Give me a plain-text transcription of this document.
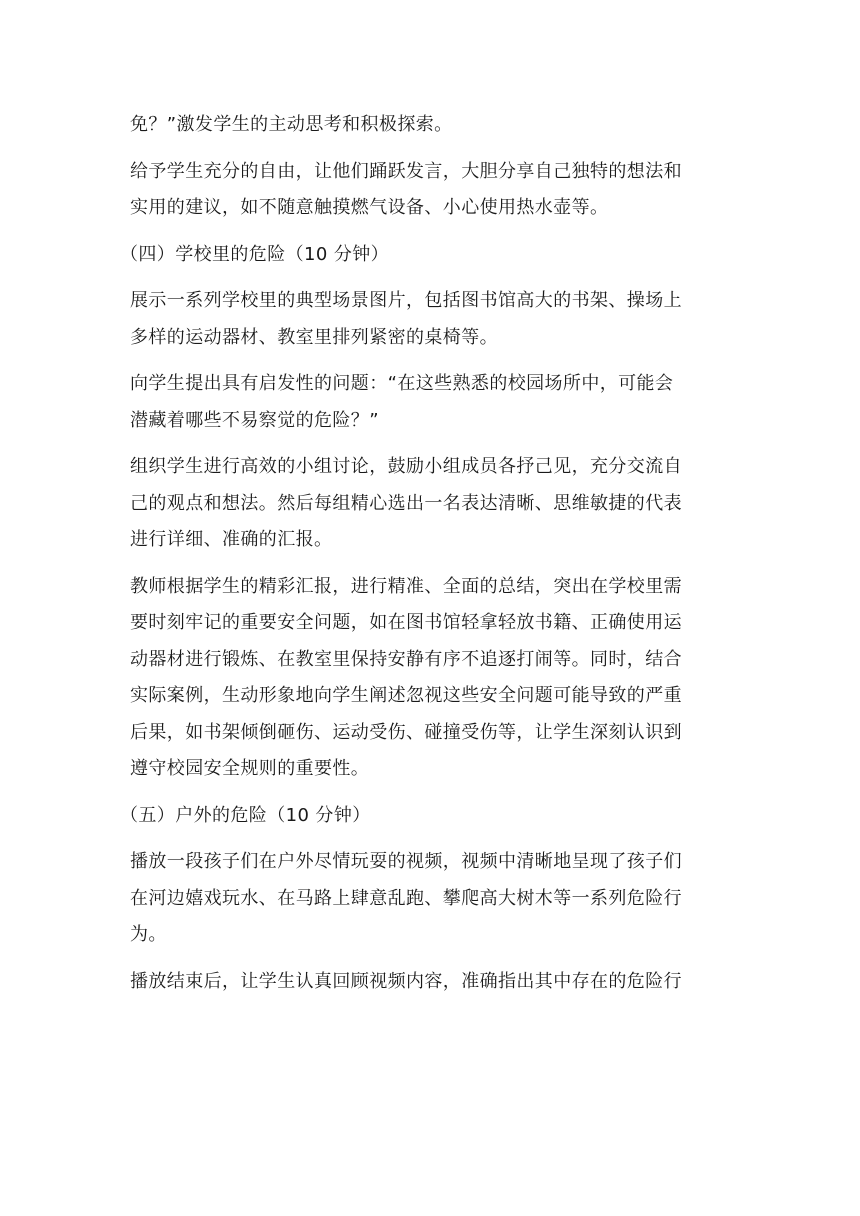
免？”激发学生的主动思考和积极探索。
给予学生充分的自由，让他们踊跃发言，大胆分享自己独特的想法和
实用的建议，如不随意触摸燃气设备、小心使用热水壶等。
（四）学校里的危险（10 分钟）
展示一系列学校里的典型场景图片，包括图书馆高大的书架、操场上
多样的运动器材、教室里排列紧密的桌椅等。
向学生提出具有启发性的问题：“在这些熟悉的校园场所中，可能会
潜藏着哪些不易察觉的危险？”
组织学生进行高效的小组讨论，鼓励小组成员各抒己见，充分交流自
己的观点和想法。然后每组精心选出一名表达清晰、思维敏捷的代表
进行详细、准确的汇报。
教师根据学生的精彩汇报，进行精准、全面的总结，突出在学校里需
要时刻牢记的重要安全问题，如在图书馆轻拿轻放书籍、正确使用运
动器材进行锻炼、在教室里保持安静有序不追逐打闹等。同时，结合
实际案例，生动形象地向学生阐述忽视这些安全问题可能导致的严重
后果，如书架倾倒砸伤、运动受伤、碰撞受伤等，让学生深刻认识到
遵守校园安全规则的重要性。
（五）户外的危险（10 分钟）
播放一段孩子们在户外尽情玩耍的视频，视频中清晰地呈现了孩子们
在河边嬉戏玩水、在马路上肆意乱跑、攀爬高大树木等一系列危险行
为。
播放结束后，让学生认真回顾视频内容，准确指出其中存在的危险行
